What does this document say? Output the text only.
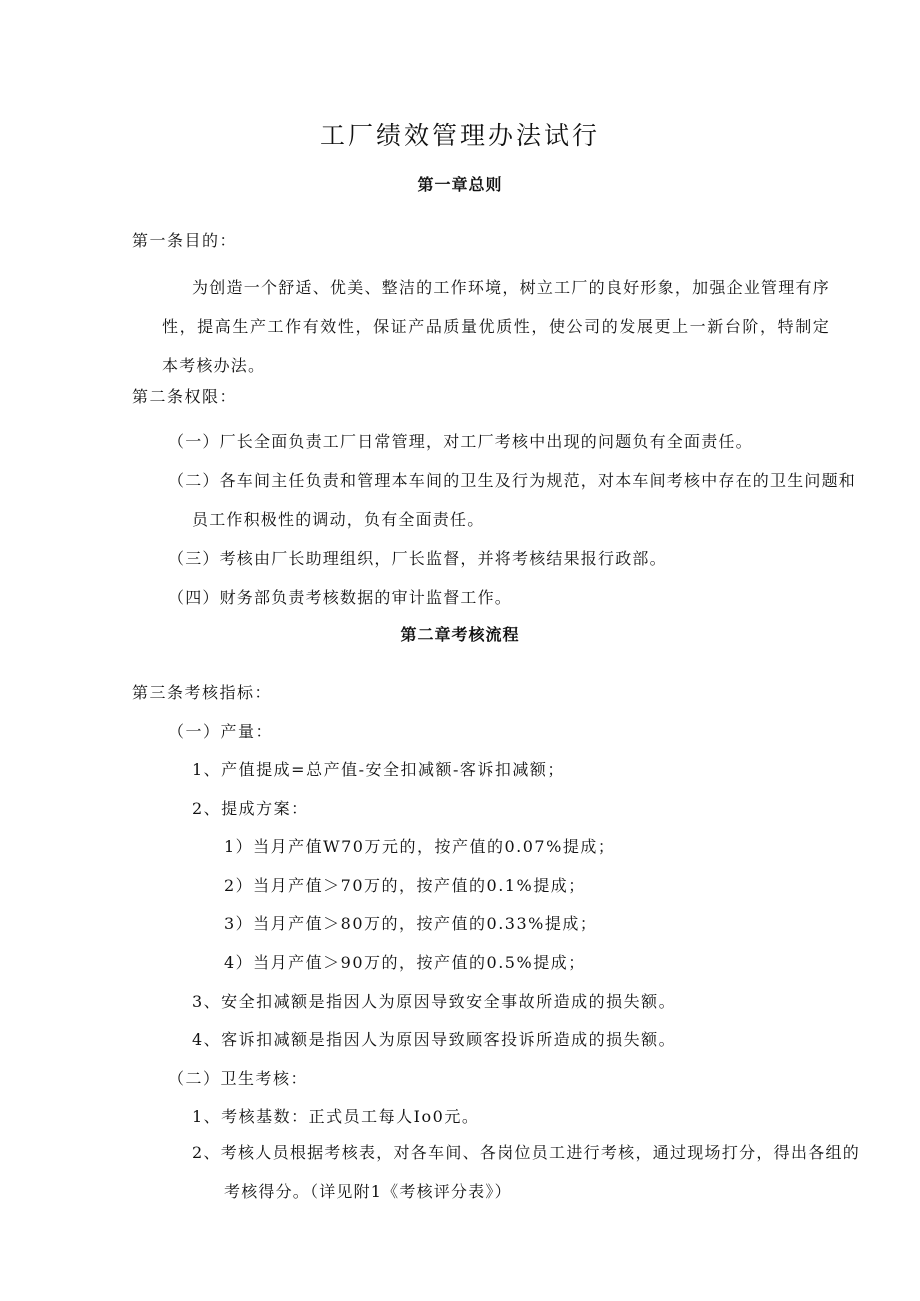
工厂绩效管理办法试行
第一章总则
第一条目的：
为创造一个舒适、优美、整洁的工作环境，树立工厂的良好形象，加强企业管理有序性，提高生产工作有效性，保证产品质量优质性，使公司的发展更上一新台阶，特制定本考核办法。
第二条权限：
（一）厂长全面负责工厂日常管理，对工厂考核中出现的问题负有全面责任。
（二）各车间主任负责和管理本车间的卫生及行为规范，对本车间考核中存在的卫生问题和员工作积极性的调动，负有全面责任。
（三）考核由厂长助理组织，厂长监督，并将考核结果报行政部。
（四）财务部负责考核数据的审计监督工作。
第二章考核流程
第三条考核指标：
（一）产量：
1、产值提成=总产值-安全扣减额-客诉扣减额；
2、提成方案：
1）当月产值W70万元的，按产值的0.07%提成；
2）当月产值＞70万的，按产值的0.1%提成；
3）当月产值＞80万的，按产值的0.33%提成；
4）当月产值＞90万的，按产值的0.5%提成；
3、安全扣减额是指因人为原因导致安全事故所造成的损失额。
4、客诉扣减额是指因人为原因导致顾客投诉所造成的损失额。
（二）卫生考核：
1、考核基数：正式员工每人Io0元。
2、考核人员根据考核表，对各车间、各岗位员工进行考核，通过现场打分，得出各组的考核得分。（详见附1《考核评分表》）
